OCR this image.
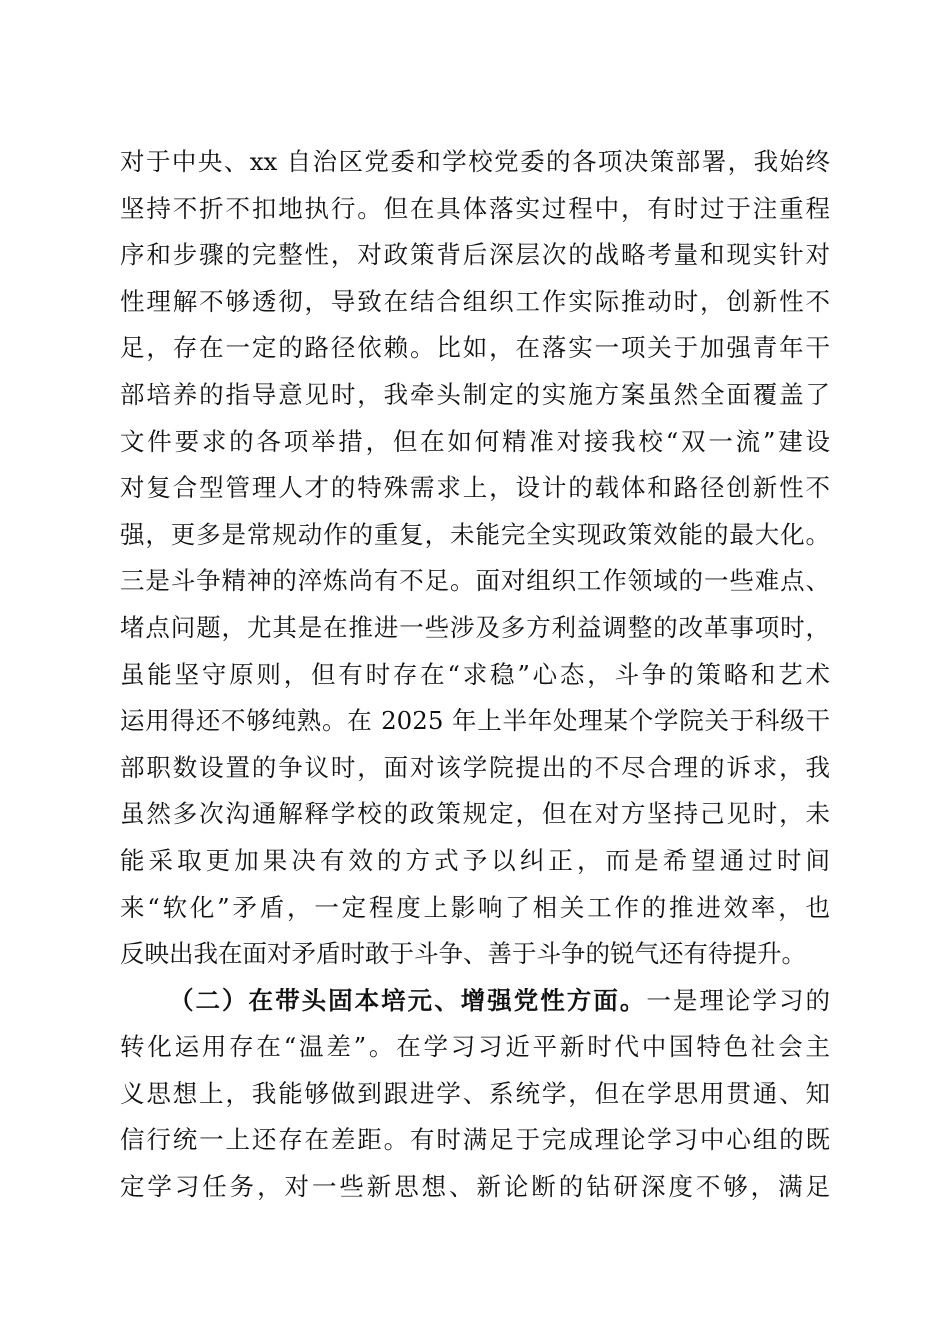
对于中央、xx 自治区党委和学校党委的各项决策部署，我始终
坚持不折不扣地执行。但在具体落实过程中，有时过于注重程
序和步骤的完整性，对政策背后深层次的战略考量和现实针对
性理解不够透彻，导致在结合组织工作实际推动时，创新性不
足，存在一定的路径依赖。比如，在落实一项关于加强青年干
部培养的指导意见时，我牵头制定的实施方案虽然全面覆盖了
文件要求的各项举措，但在如何精准对接我校“双一流”建设
对复合型管理人才的特殊需求上，设计的载体和路径创新性不
强，更多是常规动作的重复，未能完全实现政策效能的最大化。
三是斗争精神的淬炼尚有不足。面对组织工作领域的一些难点、
堵点问题，尤其是在推进一些涉及多方利益调整的改革事项时，
虽能坚守原则，但有时存在“求稳”心态，斗争的策略和艺术
运用得还不够纯熟。在 2025 年上半年处理某个学院关于科级干
部职数设置的争议时，面对该学院提出的不尽合理的诉求，我
虽然多次沟通解释学校的政策规定，但在对方坚持己见时，未
能采取更加果决有效的方式予以纠正，而是希望通过时间
来“软化”矛盾，一定程度上影响了相关工作的推进效率，也
反映出我在面对矛盾时敢于斗争、善于斗争的锐气还有待提升。
（二）在带头固本培元、增强党性方面。一是理论学习的
转化运用存在“温差”。在学习习近平新时代中国特色社会主
义思想上，我能够做到跟进学、系统学，但在学思用贯通、知
信行统一上还存在差距。有时满足于完成理论学习中心组的既
定学习任务，对一些新思想、新论断的钻研深度不够，满足
